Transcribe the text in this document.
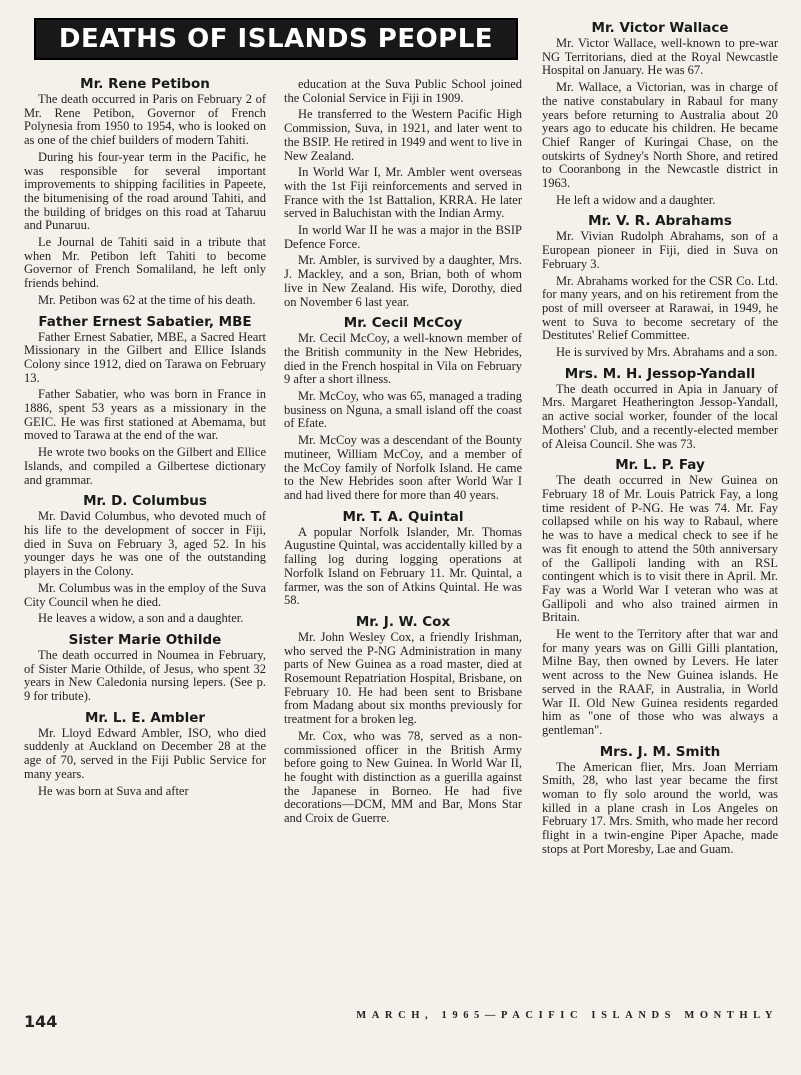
DEATHS OF ISLANDS PEOPLE
Mr. Rene Petibon

The death occurred in Paris on February 2 of Mr. Rene Petibon, Governor of French Polynesia from 1950 to 1954, who is looked on as one of the chief builders of modern Tahiti.

During his four-year term in the Pacific, he was responsible for several important improvements to shipping facilities in Papeete, the bitumenising of the road around Tahiti, and the building of bridges on this road at Taharuu and Punaruu.

Le Journal de Tahiti said in a tribute that when Mr. Petibon left Tahiti to become Governor of French Somaliland, he left only friends behind.

Mr. Petibon was 62 at the time of his death.

Father Ernest Sabatier, MBE

Father Ernest Sabatier, MBE, a Sacred Heart Missionary in the Gilbert and Ellice Islands Colony since 1912, died on Tarawa on February 13.

Father Sabatier, who was born in France in 1886, spent 53 years as a missionary in the GEIC. He was first stationed at Abemama, but moved to Tarawa at the end of the war.

He wrote two books on the Gilbert and Ellice Islands, and compiled a Gilbertese dictionary and grammar.

Mr. D. Columbus

Mr. David Columbus, who devoted much of his life to the development of soccer in Fiji, died in Suva on February 3, aged 52. In his younger days he was one of the outstanding players in the Colony.

Mr. Columbus was in the employ of the Suva City Council when he died.

He leaves a widow, a son and a daughter.

Sister Marie Othilde

The death occurred in Noumea in February, of Sister Marie Othilde, of Jesus, who spent 32 years in New Caledonia nursing lepers. (See p. 9 for tribute).

Mr. L. E. Ambler

Mr. Lloyd Edward Ambler, ISO, who died suddenly at Auckland on December 28 at the age of 70, served in the Fiji Public Service for many years.

He was born at Suva and after

education at the Suva Public School joined the Colonial Service in Fiji in 1909.

He transferred to the Western Pacific High Commission, Suva, in 1921, and later went to the BSIP. He retired in 1949 and went to live in New Zealand.

In World War I, Mr. Ambler went overseas with the 1st Fiji reinforcements and served in France with the 1st Battalion, KRRA. He later served in Baluchistan with the Indian Army.

In world War II he was a major in the BSIP Defence Force.

Mr. Ambler, is survived by a daughter, Mrs. J. Mackley, and a son, Brian, both of whom live in New Zealand. His wife, Dorothy, died on November 6 last year.

Mr. Cecil McCoy

Mr. Cecil McCoy, a well-known member of the British community in the New Hebrides, died in the French hospital in Vila on February 9 after a short illness.

Mr. McCoy, who was 65, managed a trading business on Nguna, a small island off the coast of Efate.

Mr. McCoy was a descendant of the Bounty mutineer, William McCoy, and a member of the McCoy family of Norfolk Island. He came to the New Hebrides soon after World War I and had lived there for more than 40 years.

Mr. T. A. Quintal

A popular Norfolk Islander, Mr. Thomas Augustine Quintal, was accidentally killed by a falling log during logging operations at Norfolk Island on February 11. Mr. Quintal, a farmer, was the son of Atkins Quintal. He was 58.

Mr. J. W. Cox

Mr. John Wesley Cox, a friendly Irishman, who served the P-NG Administration in many parts of New Guinea as a road master, died at Rosemount Repatriation Hospital, Brisbane, on February 10. He had been sent to Brisbane from Madang about six months previously for treatment for a broken leg.

Mr. Cox, who was 78, served as a non-commissioned officer in the British Army before going to New Guinea. In World War II, he fought with distinction as a guerilla against the Japanese in Borneo. He had five decorations—DCM, MM and Bar, Mons Star and Croix de Guerre.

Mr. Victor Wallace

Mr. Victor Wallace, well-known to pre-war NG Territorians, died at the Royal Newcastle Hospital on January. He was 67.

Mr. Wallace, a Victorian, was in charge of the native constabulary in Rabaul for many years before returning to Australia about 20 years ago to educate his children. He became Chief Ranger of Kuringai Chase, on the outskirts of Sydney's North Shore, and retired to Cooranbong in the Newcastle district in 1963.

He left a widow and a daughter.

Mr. V. R. Abrahams

Mr. Vivian Rudolph Abrahams, son of a European pioneer in Fiji, died in Suva on February 3.

Mr. Abrahams worked for the CSR Co. Ltd. for many years, and on his retirement from the post of mill overseer at Rarawai, in 1949, he went to Suva to become secretary of the Destitutes' Relief Committee.

He is survived by Mrs. Abrahams and a son.

Mrs. M. H. Jessop-Yandall

The death occurred in Apia in January of Mrs. Margaret Heatherington Jessop-Yandall, an active social worker, founder of the local Mothers' Club, and a recently-elected member of Aleisa Council. She was 73.

Mr. L. P. Fay

The death occurred in New Guinea on February 18 of Mr. Louis Patrick Fay, a long time resident of P-NG. He was 74. Mr. Fay collapsed while on his way to Rabaul, where he was to have a medical check to see if he was fit enough to attend the 50th anniversary of the Gallipoli landing with an RSL contingent which is to visit there in April. Mr. Fay was a World War I veteran who was at Gallipoli and who also trained airmen in Britain.

He went to the Territory after that war and for many years was on Gilli Gilli plantation, Milne Bay, then owned by Levers. He later went across to the New Guinea islands. He served in the RAAF, in Australia, in World War II. Old New Guinea residents regarded him as "one of those who was always a gentleman".

Mrs. J. M. Smith

The American flier, Mrs. Joan Merriam Smith, 28, who last year became the first woman to fly solo around the world, was killed in a plane crash in Los Angeles on February 17. Mrs. Smith, who made her record flight in a twin-engine Piper Apache, made stops at Port Moresby, Lae and Guam.

144	MARCH, 1965—PACIFIC ISLANDS MONTHLY
